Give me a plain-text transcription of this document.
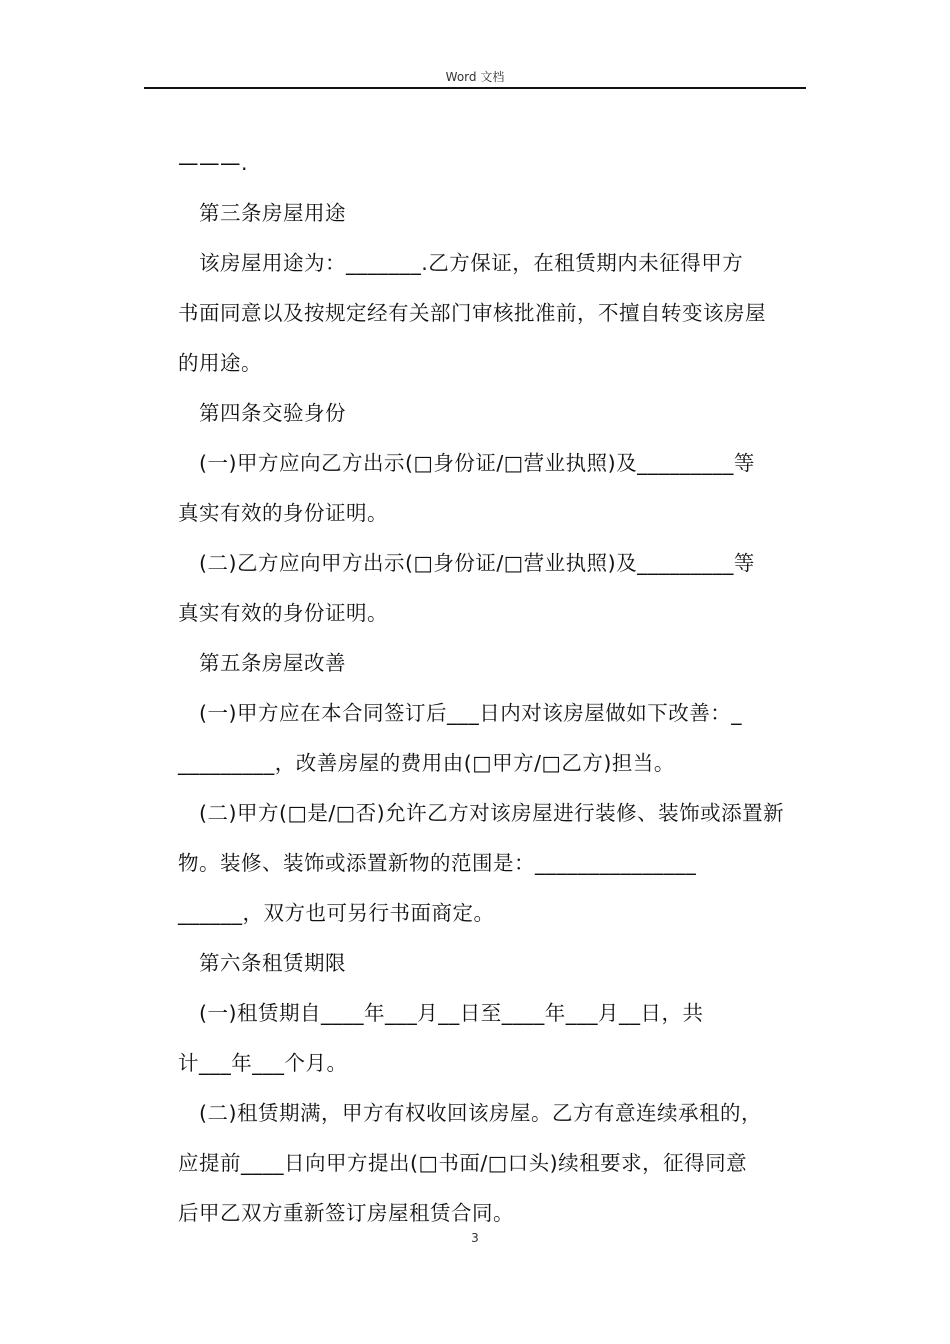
Word 文档
———.
第三条房屋用途
该房屋用途为：_______.乙方保证，在租赁期内未征得甲方
书面同意以及按规定经有关部门审核批准前，不擅自转变该房屋
的用途。
第四条交验身份
(一)甲方应向乙方出示(□身份证/□营业执照)及_________等
真实有效的身份证明。
(二)乙方应向甲方出示(□身份证/□营业执照)及_________等
真实有效的身份证明。
第五条房屋改善
(一)甲方应在本合同签订后___日内对该房屋做如下改善：_
_________，改善房屋的费用由(□甲方/□乙方)担当。
(二)甲方(□是/□否)允许乙方对该房屋进行装修、装饰或添置新
物。装修、装饰或添置新物的范围是：_______________
______，双方也可另行书面商定。
第六条租赁期限
(一)租赁期自____年___月__日至____年___月__日，共
计___年___个月。
(二)租赁期满，甲方有权收回该房屋。乙方有意连续承租的，
应提前____日向甲方提出(□书面/□口头)续租要求，征得同意
后甲乙双方重新签订房屋租赁合同。
3
